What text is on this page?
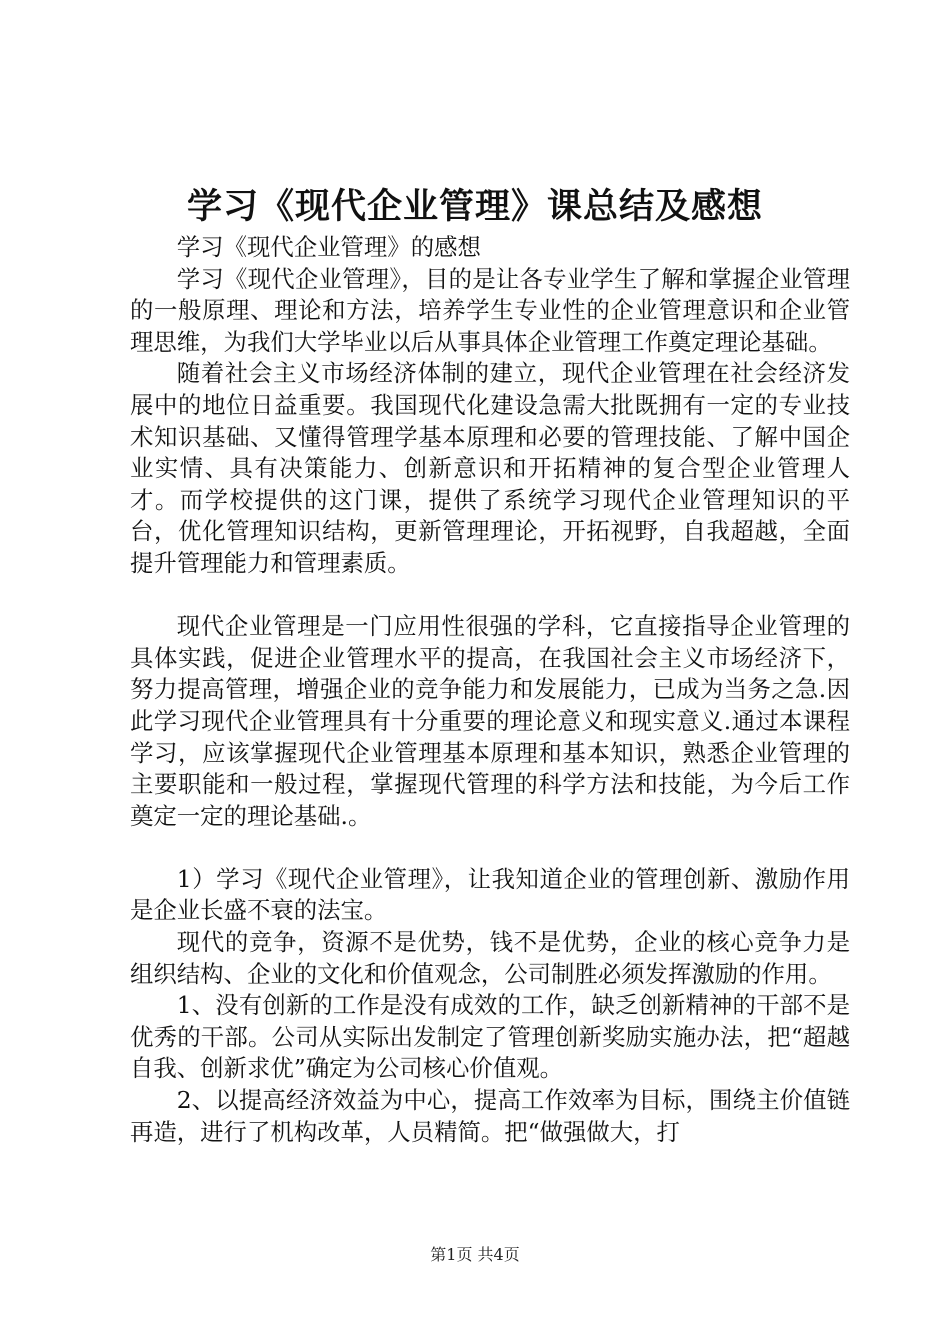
学习《现代企业管理》课总结及感想

学习《现代企业管理》的感想

学习《现代企业管理》，目的是让各专业学生了解和掌握企业管理的一般原理、理论和方法，培养学生专业性的企业管理意识和企业管理思维，为我们大学毕业以后从事具体企业管理工作奠定理论基础。

随着社会主义市场经济体制的建立，现代企业管理在社会经济发展中的地位日益重要。我国现代化建设急需大批既拥有一定的专业技术知识基础、又懂得管理学基本原理和必要的管理技能、了解中国企业实情、具有决策能力、创新意识和开拓精神的复合型企业管理人才。而学校提供的这门课，提供了系统学习现代企业管理知识的平台，优化管理知识结构，更新管理理论，开拓视野，自我超越，全面提升管理能力和管理素质。

现代企业管理是一门应用性很强的学科，它直接指导企业管理的具体实践，促进企业管理水平的提高，在我国社会主义市场经济下，努力提高管理，增强企业的竞争能力和发展能力，已成为当务之急.因此学习现代企业管理具有十分重要的理论意义和现实意义.通过本课程学习，应该掌握现代企业管理基本原理和基本知识，熟悉企业管理的主要职能和一般过程，掌握现代管理的科学方法和技能，为今后工作奠定一定的理论基础.。

1）学习《现代企业管理》，让我知道企业的管理创新、激励作用是企业长盛不衰的法宝。

现代的竞争，资源不是优势，钱不是优势，企业的核心竞争力是组织结构、企业的文化和价值观念，公司制胜必须发挥激励的作用。

1、没有创新的工作是没有成效的工作，缺乏创新精神的干部不是优秀的干部。公司从实际出发制定了管理创新奖励实施办法，把“超越自我、创新求优”确定为公司核心价值观。

2、以提高经济效益为中心，提高工作效率为目标，围绕主价值链再造，进行了机构改革，人员精简。把“做强做大，打

第1页 共4页
